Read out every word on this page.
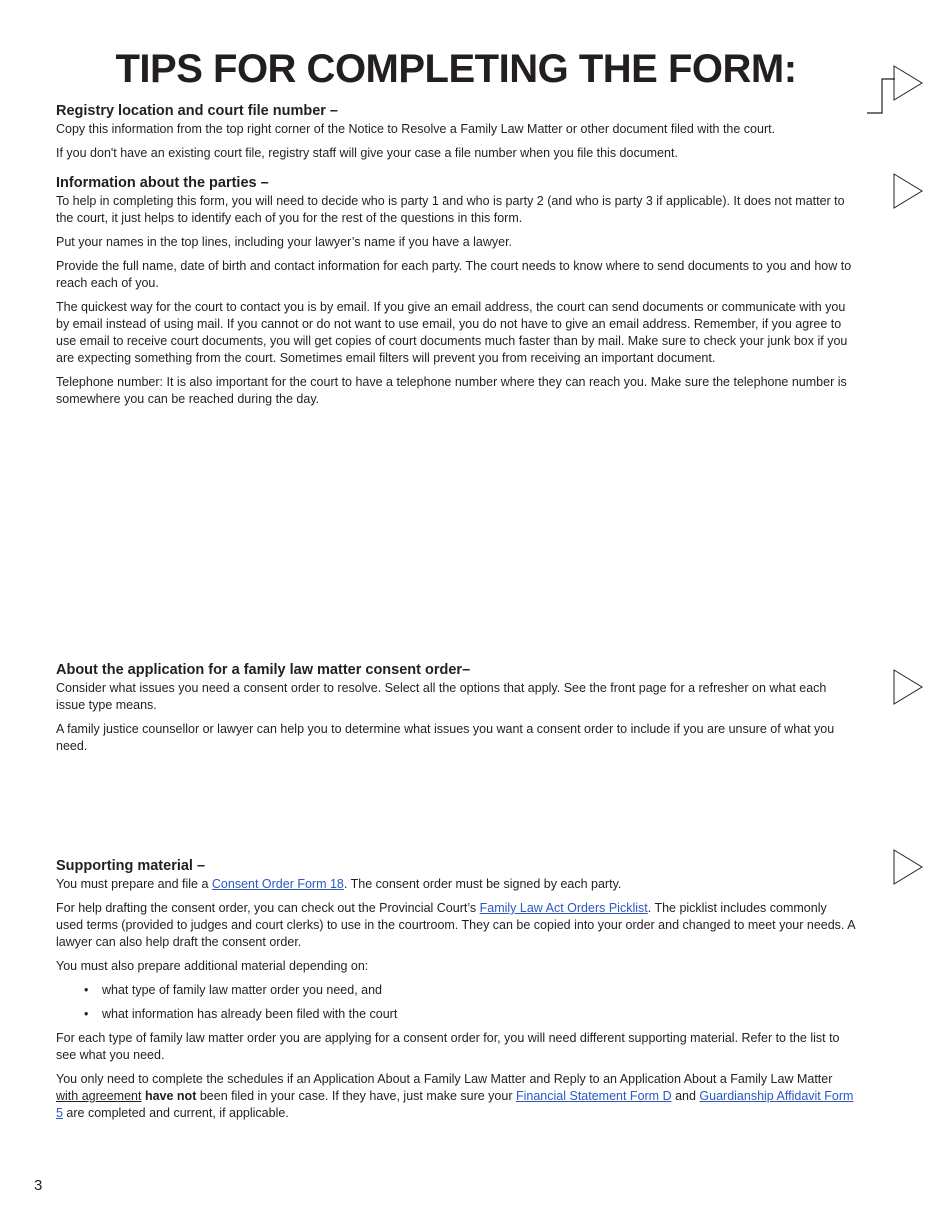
TIPS FOR COMPLETING THE FORM:
Registry location and court file number –

Copy this information from the top right corner of the Notice to Resolve a Family Law Matter or other document filed with the court.

If you don't have an existing court file, registry staff will give your case a file number when you file this document.

Information about the parties –

To help in completing this form, you will need to decide who is party 1 and who is party 2 (and who is party 3 if applicable). It does not matter to the court, it just helps to identify each of you for the rest of the questions in this form.

Put your names in the top lines, including your lawyer’s name if you have a lawyer.

Provide the full name, date of birth and contact information for each party. The court needs to know where to send documents to you and how to reach each of you.

The quickest way for the court to contact you is by email. If you give an email address, the court can send documents or communicate with you by email instead of using mail. If you cannot or do not want to use email, you do not have to give an email address. Remember, if you agree to use email to receive court documents, you will get copies of court documents much faster than by mail. Make sure to check your junk box if you are expecting something from the court. Sometimes email filters will prevent you from receiving an important document.

Telephone number: It is also important for the court to have a telephone number where they can reach you. Make sure the telephone number is somewhere you can be reached during the day.

About the application for a family law matter consent order–

Consider what issues you need a consent order to resolve. Select all the options that apply. See the front page for a refresher on what each issue type means.

A family justice counsellor or lawyer can help you to determine what issues you want a consent order to include if you are unsure of what you need.

Supporting material –

You must prepare and file a Consent Order Form 18. The consent order must be signed by each party.

For help drafting the consent order, you can check out the Provincial Court’s Family Law Act Orders Picklist. The picklist includes commonly used terms (provided to judges and court clerks) to use in the courtroom. They can be copied into your order and changed to meet your needs. A lawyer can also help draft the consent order.

You must also prepare additional material depending on:

• what type of family law matter order you need, and
• what information has already been filed with the court

For each type of family law matter order you are applying for a consent order for, you will need different supporting material. Refer to the list to see what you need.

You only need to complete the schedules if an Application About a Family Law Matter and Reply to an Application About a Family Law Matter with agreement have not been filed in your case. If they have, just make sure your Financial Statement Form D and Guardianship Affidavit Form 5 are completed and current, if applicable.

3
